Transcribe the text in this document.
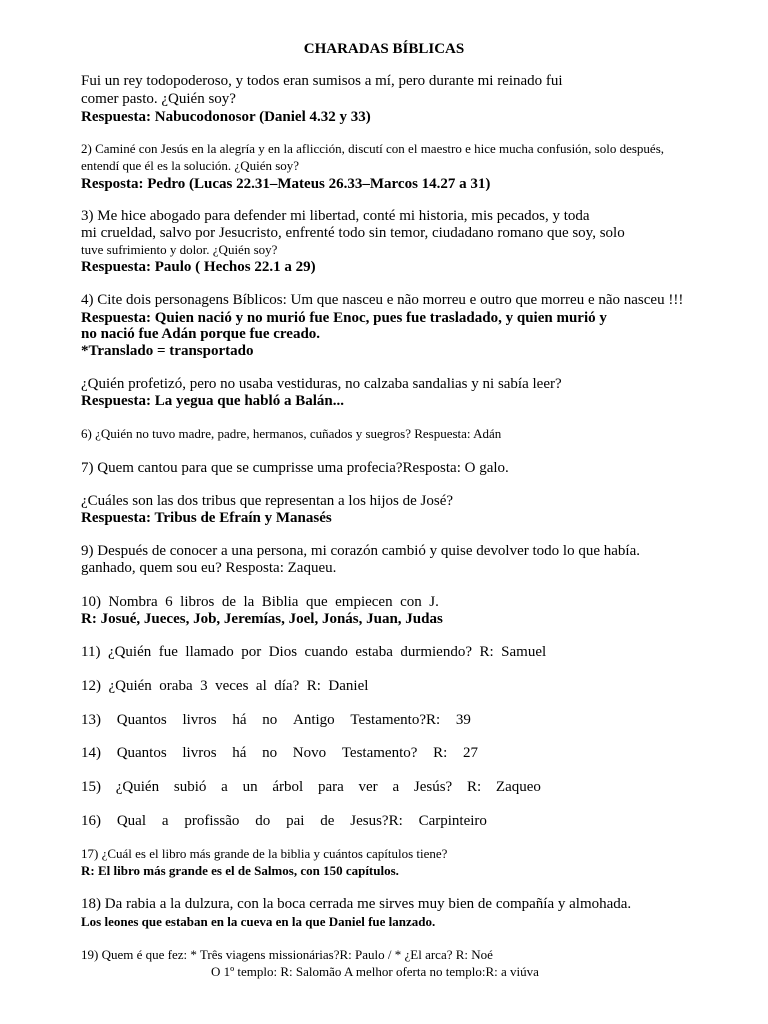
CHARADAS BÍBLICAS
Fui un rey todopoderoso, y todos eran sumisos a mí, pero durante mi reinado fui
comer pasto. ¿Quién soy?
Respuesta: Nabucodonosor (Daniel 4.32 y 33)
2) Caminé con Jesús en la alegría y en la aflicción, discutí con el maestro e hice mucha confusión, solo después,
entendí que él es la solución. ¿Quién soy?
Resposta: Pedro (Lucas 22.31–Mateus 26.33–Marcos 14.27 a 31)
3) Me hice abogado para defender mi libertad, conté mi historia, mis pecados, y toda
mi crueldad, salvo por Jesucristo, enfrenté todo sin temor, ciudadano romano que soy, solo
tuve sufrimiento y dolor. ¿Quién soy?
Respuesta: Paulo ( Hechos 22.1 a 29)
4) Cite dois personagens Bíblicos: Um que nasceu e não morreu e outro que morreu e não nasceu !!!
Respuesta: Quien nació y no murió fue Enoc, pues fue trasladado, y quien murió y
no nació fue Adán porque fue creado.
*Translado = transportado
¿Quién profetizó, pero no usaba vestiduras, no calzaba sandalias y ni sabía leer?
Respuesta: La yegua que habló a Balán...
6) ¿Quién no tuvo madre, padre, hermanos, cuñados y suegros? Respuesta: Adán
7) Quem cantou para que se cumprisse uma profecia?Resposta: O galo.
¿Cuáles son las dos tribus que representan a los hijos de José?
Respuesta: Tribus de Efraín y Manasés
9) Después de conocer a una persona, mi corazón cambió y quise devolver todo lo que había.
ganhado, quem sou eu? Resposta: Zaqueu.
10)  Nombra  6  libros  de  la  Biblia  que  empiecen  con  J.
R: Josué, Jueces, Job, Jeremías, Joel, Jonás, Juan, Judas
11)  ¿Quién  fue  llamado  por  Dios  cuando  estaba  durmiendo?  R:  Samuel
12)  ¿Quién  oraba  3  veces  al  día?  R:  Daniel
13) Quantos livros há no Antigo Testamento?R: 39
14) Quantos livros há no Novo Testamento? R: 27
15) ¿Quién subió a un árbol para ver a Jesús? R: Zaqueo
16) Qual a profissão do pai de Jesus?R: Carpinteiro
17) ¿Cuál es el libro más grande de la biblia y cuántos capítulos tiene?
R: El libro más grande es el de Salmos, con 150 capítulos.
18) Da rabia a la dulzura, con la boca cerrada me sirves muy bien de compañía y almohada.
Los leones que estaban en la cueva en la que Daniel fue lanzado.
19) Quem é que fez: * Três viagens missionárias?R: Paulo / * ¿El arca? R: Noé
O 1º templo: R: Salomão A melhor oferta no templo:R: a viúva
